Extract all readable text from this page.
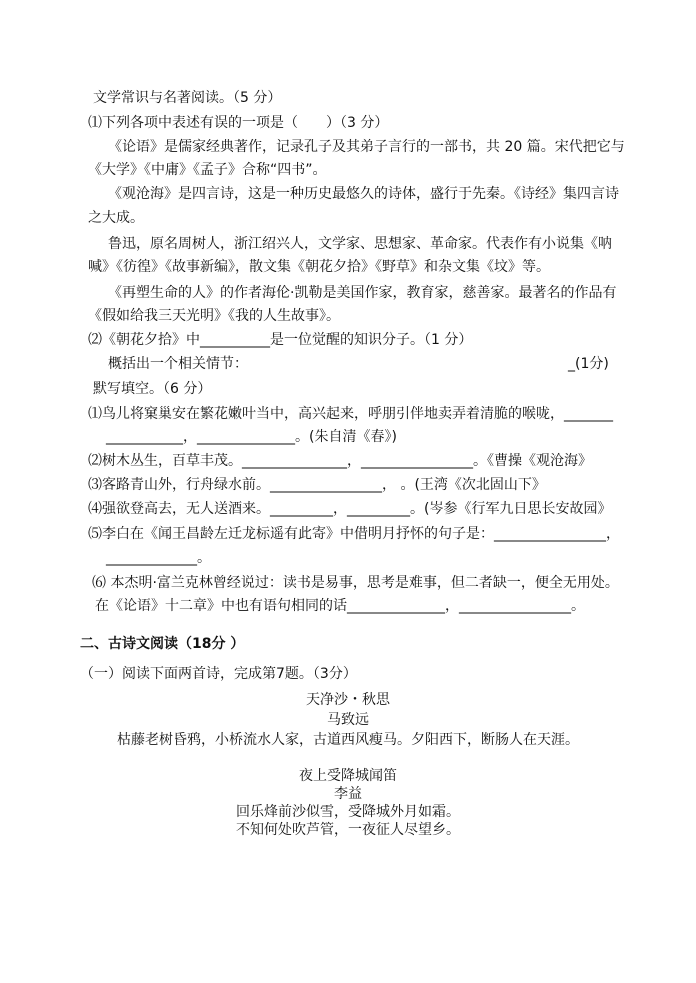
文学常识与名著阅读。（5 分）

⑴下列各项中表述有误的一项是（　　）（3 分）

《论语》是儒家经典著作，记录孔子及其弟子言行的一部书，共 20 篇。宋代把它与

《大学》《中庸》《孟子》合称“四书”。

《观沧海》是四言诗，这是一种历史最悠久的诗体，盛行于先秦。《诗经》集四言诗

之大成。

鲁迅，原名周树人，浙江绍兴人，文学家、思想家、革命家。代表作有小说集《呐

喊》《彷徨》《故事新编》，散文集《朝花夕拾》《野草》和杂文集《坟》等。

《再塑生命的人》的作者海伦·凯勒是美国作家，教育家，慈善家。最著名的作品有

《假如给我三天光明》《我的人生故事》。

⑵《朝花夕拾》中__________是一位觉醒的知识分子。（1 分）

概括出一个相关情节：	_(1分)

默写填空。（6 分）

⑴鸟儿将窠巢安在繁花嫩叶当中，高兴起来，呼朋引伴地卖弄着清脆的喉咙，_______

___________，______________。(朱自清《春》)

⑵树木丛生，百草丰茂。_______________，________________。《曹操《观沧海》

⑶客路青山外，行舟绿水前。________________， 。(王湾《次北固山下》

⑷强欲登高去，无人送酒来。_________，_________。(岑参《行军九日思长安故园》

⑸李白在《闻王昌龄左迁龙标遥有此寄》中借明月抒怀的句子是：________________，

_____________。

⑹ 本杰明·富兰克林曾经说过：读书是易事，思考是难事，但二者缺一，便全无用处。

在《论语》十二章》中也有语句相同的话______________，________________。

二、古诗文阅读（18分 ）

（一）阅读下面两首诗，完成第7题。（3分）

天净沙・秋思

马致远

枯藤老树昏鸦，小桥流水人家，古道西风瘦马。夕阳西下，断肠人在天涯。

夜上受降城闻笛

李益

回乐烽前沙似雪，受降城外月如霜。

不知何处吹芦管，一夜征人尽望乡。
